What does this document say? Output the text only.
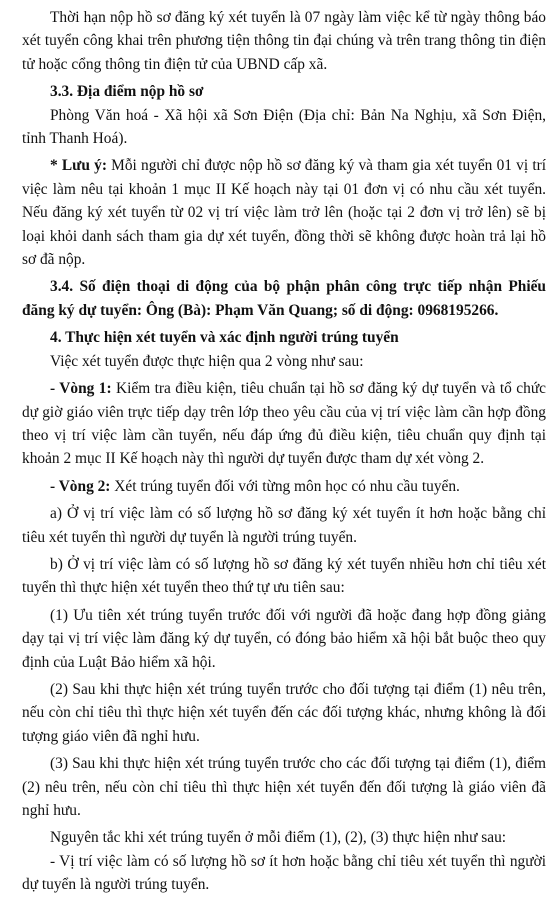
Thời hạn nộp hồ sơ đăng ký xét tuyển là 07 ngày làm việc kể từ ngày thông báo xét tuyển công khai trên phương tiện thông tin đại chúng và trên trang thông tin điện tử hoặc cổng thông tin điện tử của UBND cấp xã.

3.3. Địa điểm nộp hồ sơ

Phòng Văn hoá - Xã hội xã Sơn Điện (Địa chỉ: Bản Na Nghịu, xã Sơn Điện, tỉnh Thanh Hoá).

* Lưu ý: Mỗi người chỉ được nộp hồ sơ đăng ký và tham gia xét tuyển 01 vị trí việc làm nêu tại khoản 1 mục II Kế hoạch này tại 01 đơn vị có nhu cầu xét tuyển. Nếu đăng ký xét tuyển từ 02 vị trí việc làm trở lên (hoặc tại 2 đơn vị trở lên) sẽ bị loại khỏi danh sách tham gia dự xét tuyển, đồng thời sẽ không được hoàn trả lại hồ sơ đã nộp.

3.4. Số điện thoại di động của bộ phận phân công trực tiếp nhận Phiếu đăng ký dự tuyển: Ông (Bà): Phạm Văn Quang; số di động: 0968195266.

4. Thực hiện xét tuyển và xác định người trúng tuyển

Việc xét tuyển được thực hiện qua 2 vòng như sau:

- Vòng 1: Kiểm tra điều kiện, tiêu chuẩn tại hồ sơ đăng ký dự tuyển và tổ chức dự giờ giáo viên trực tiếp dạy trên lớp theo yêu cầu của vị trí việc làm cần hợp đồng theo vị trí việc làm cần tuyển, nếu đáp ứng đủ điều kiện, tiêu chuẩn quy định tại khoản 2 mục II Kế hoạch này thì người dự tuyển được tham dự xét vòng 2.

- Vòng 2: Xét trúng tuyển đối với từng môn học có nhu cầu tuyển.

a) Ở vị trí việc làm có số lượng hồ sơ đăng ký xét tuyển ít hơn hoặc bằng chỉ tiêu xét tuyển thì người dự tuyển là người trúng tuyển.

b) Ở vị trí việc làm có số lượng hồ sơ đăng ký xét tuyển nhiều hơn chỉ tiêu xét tuyển thì thực hiện xét tuyển theo thứ tự ưu tiên sau:

(1) Ưu tiên xét trúng tuyển trước đối với người đã hoặc đang hợp đồng giảng dạy tại vị trí việc làm đăng ký dự tuyển, có đóng bảo hiểm xã hội bắt buộc theo quy định của Luật Bảo hiểm xã hội.

(2) Sau khi thực hiện xét trúng tuyển trước cho đối tượng tại điểm (1) nêu trên, nếu còn chỉ tiêu thì thực hiện xét tuyển đến các đối tượng khác, nhưng không là đối tượng giáo viên đã nghỉ hưu.

(3) Sau khi thực hiện xét trúng tuyển trước cho các đối tượng tại điểm (1), điểm (2) nêu trên, nếu còn chỉ tiêu thì thực hiện xét tuyển đến đối tượng là giáo viên đã nghỉ hưu.

Nguyên tắc khi xét trúng tuyển ở mỗi điểm (1), (2), (3) thực hiện như sau:

- Vị trí việc làm có số lượng hồ sơ ít hơn hoặc bằng chỉ tiêu xét tuyển thì người dự tuyển là người trúng tuyển.
